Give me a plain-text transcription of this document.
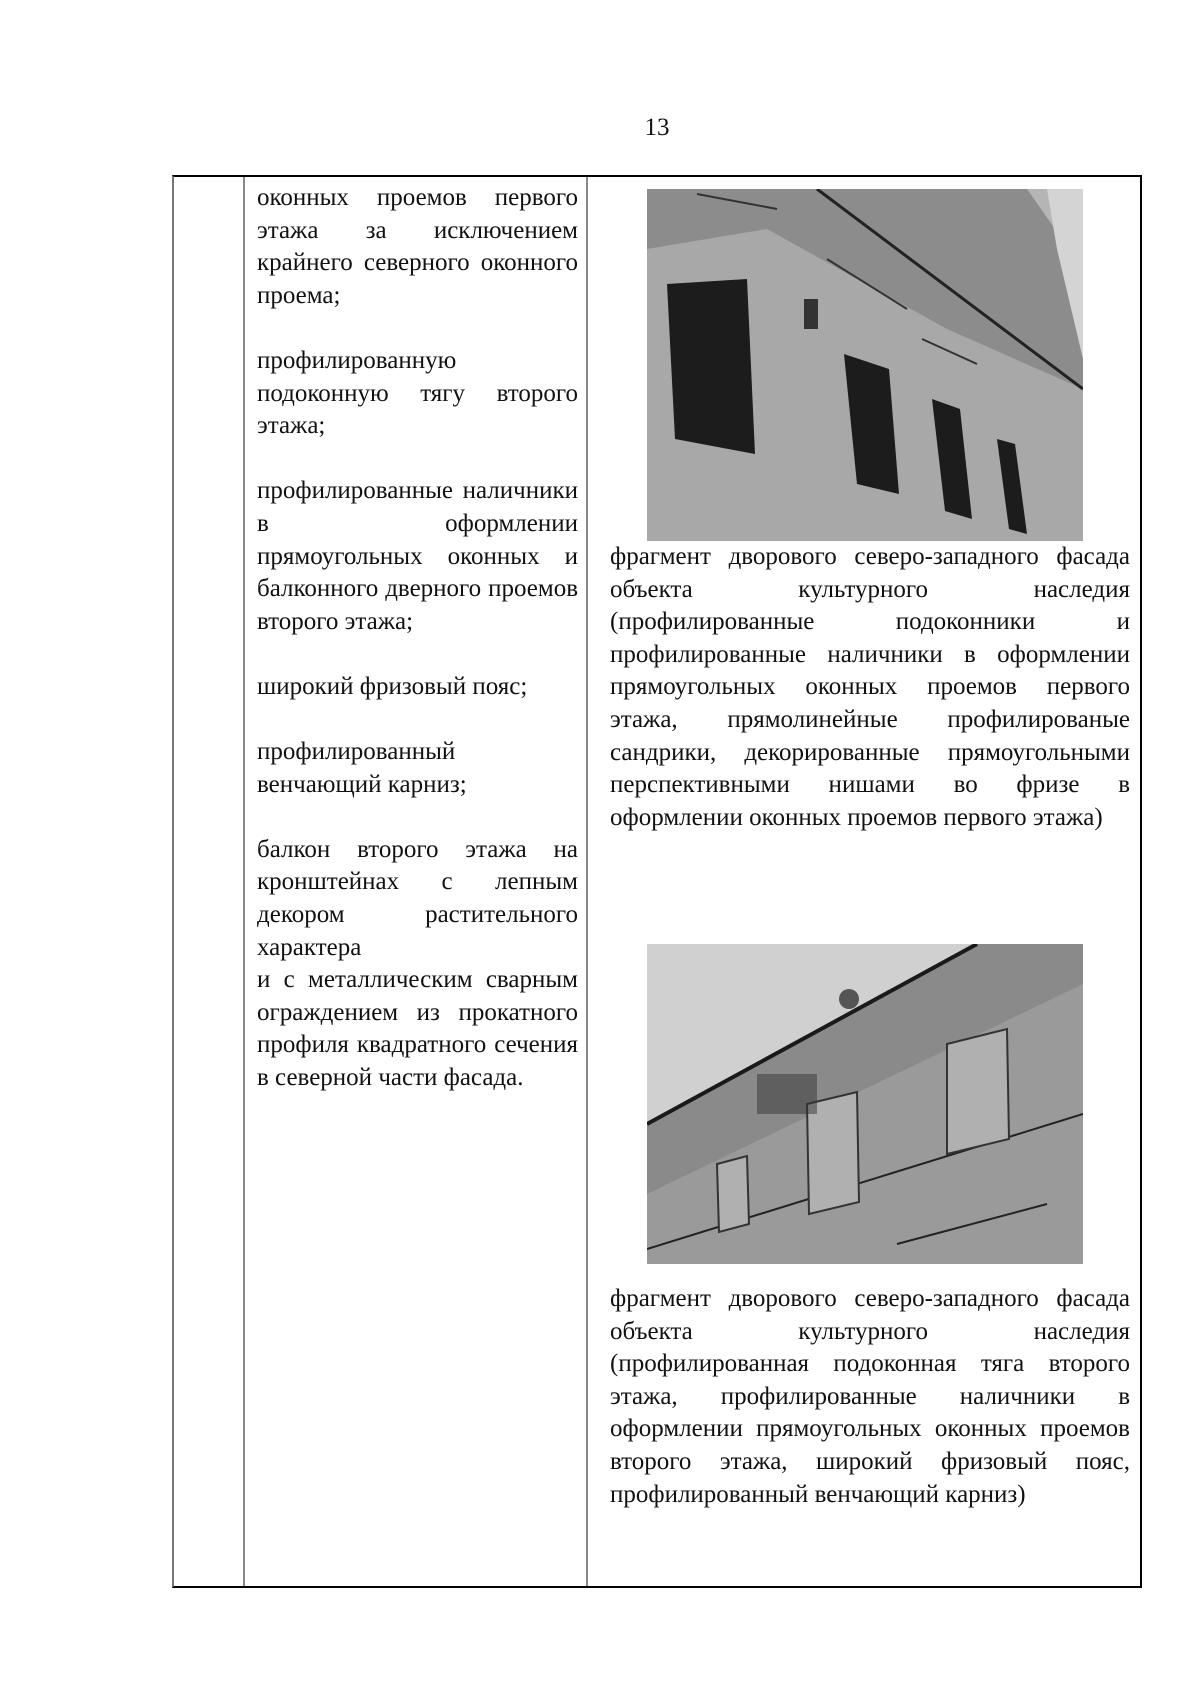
13

оконных проемов первого этажа за исключением крайнего северного оконного проема;

профилированную подоконную тягу второго этажа;

профилированные наличники в оформлении прямоугольных оконных и балконного дверного проемов второго этажа;

широкий фризовый пояс;

профилированный венчающий карниз;

балкон второго этажа на кронштейнах с лепным декором растительного характера

и с металлическим сварным ограждением из прокатного профиля квадратного сечения в северной части фасада.

фрагмент дворового северо-западного фасада объекта культурного наследия (профилированные подоконники и профилированные наличники в оформлении прямоугольных оконных проемов первого этажа, прямолинейные профилированые сандрики, декорированные прямоугольными перспективными нишами во фризе в оформлении оконных проемов первого этажа)

фрагмент дворового северо-западного фасада объекта культурного наследия (профилированная подоконная тяга второго этажа, профилированные наличники в оформлении прямоугольных оконных проемов второго этажа, широкий фризовый пояс, профилированный венчающий карниз)
